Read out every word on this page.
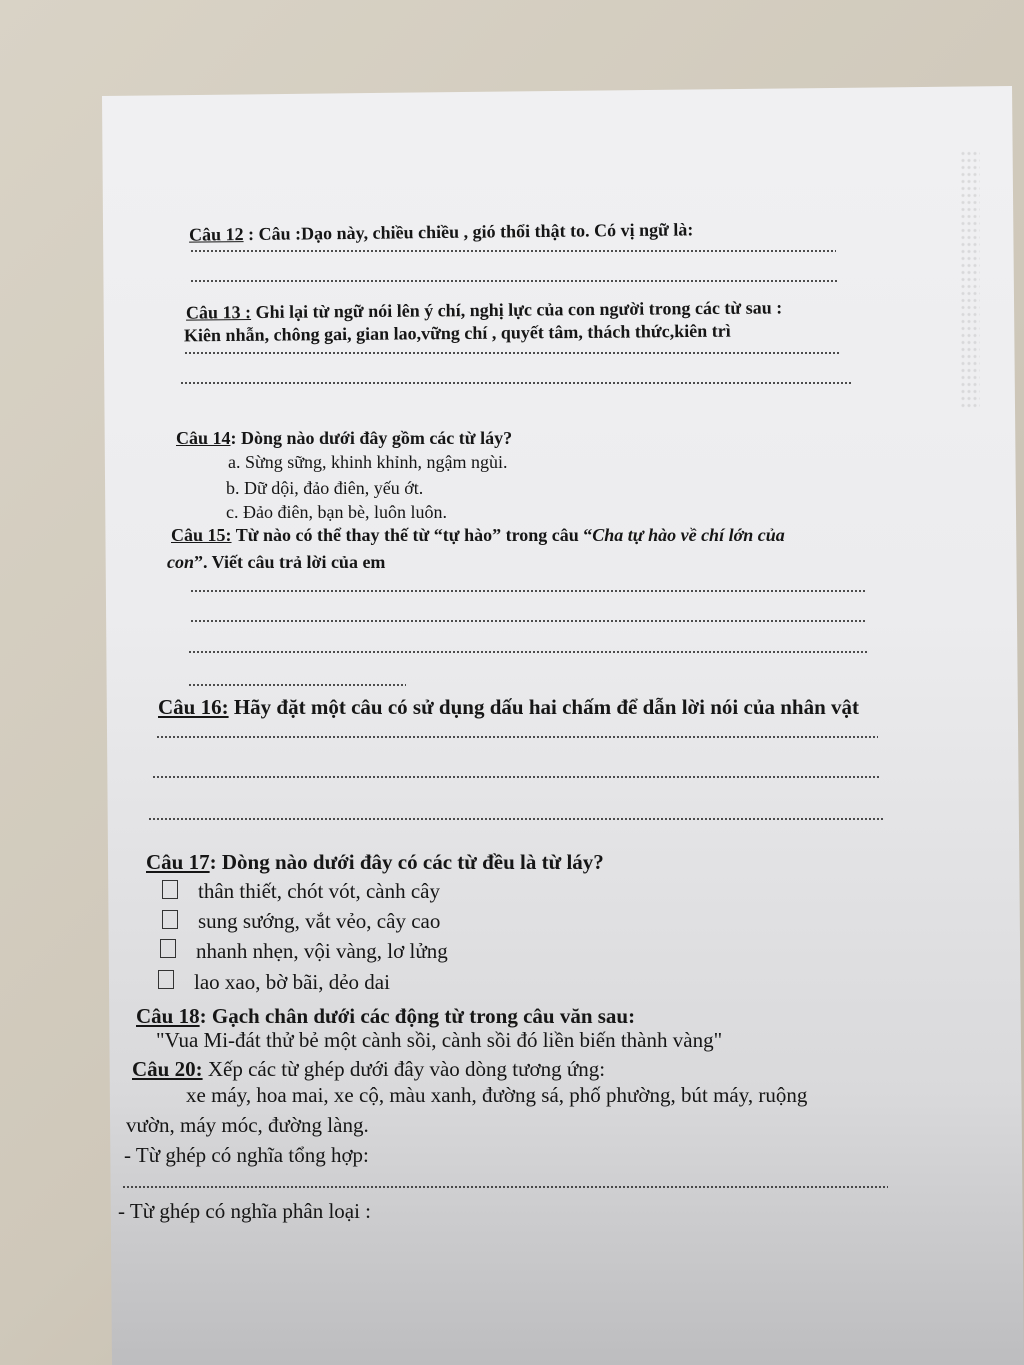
Câu 12 : Câu :Dạo này, chiều chiều , gió thổi thật to. Có vị ngữ là:
Câu 13 : Ghi lại từ ngữ nói lên ý chí, nghị lực của con người trong các từ sau :
Kiên nhẫn, chông gai, gian lao,vững chí , quyết tâm, thách thức,kiên trì
Câu 14: Dòng nào dưới đây gồm các từ láy?
a. Sừng sững, khinh khỉnh, ngậm ngùi.
b. Dữ dội, đảo điên, yếu ớt.
c. Đảo điên, bạn bè, luôn luôn.
Câu 15: Từ nào có thể thay thế từ “tự hào” trong câu “Cha tự hào về chí lớn của
con”. Viết câu trả lời của em
Câu 16: Hãy đặt một câu có sử dụng dấu hai chấm để dẫn lời nói của nhân vật
Câu 17: Dòng nào dưới đây có các từ đều là từ láy?
thân thiết, chót vót, cành cây
sung sướng, vắt vẻo, cây cao
nhanh nhẹn, vội vàng, lơ lửng
lao xao, bờ bãi, dẻo dai
Câu 18: Gạch chân dưới các động từ trong câu văn sau:
"Vua Mi-đát thử bẻ một cành sồi, cành sồi đó liền biến thành vàng"
Câu 20: Xếp các từ ghép dưới đây vào dòng tương ứng:
xe máy, hoa mai, xe cộ, màu xanh, đường sá, phố phường, bút máy, ruộng
vườn, máy móc, đường làng.
- Từ ghép có nghĩa tổng hợp:
- Từ ghép có nghĩa phân loại :
